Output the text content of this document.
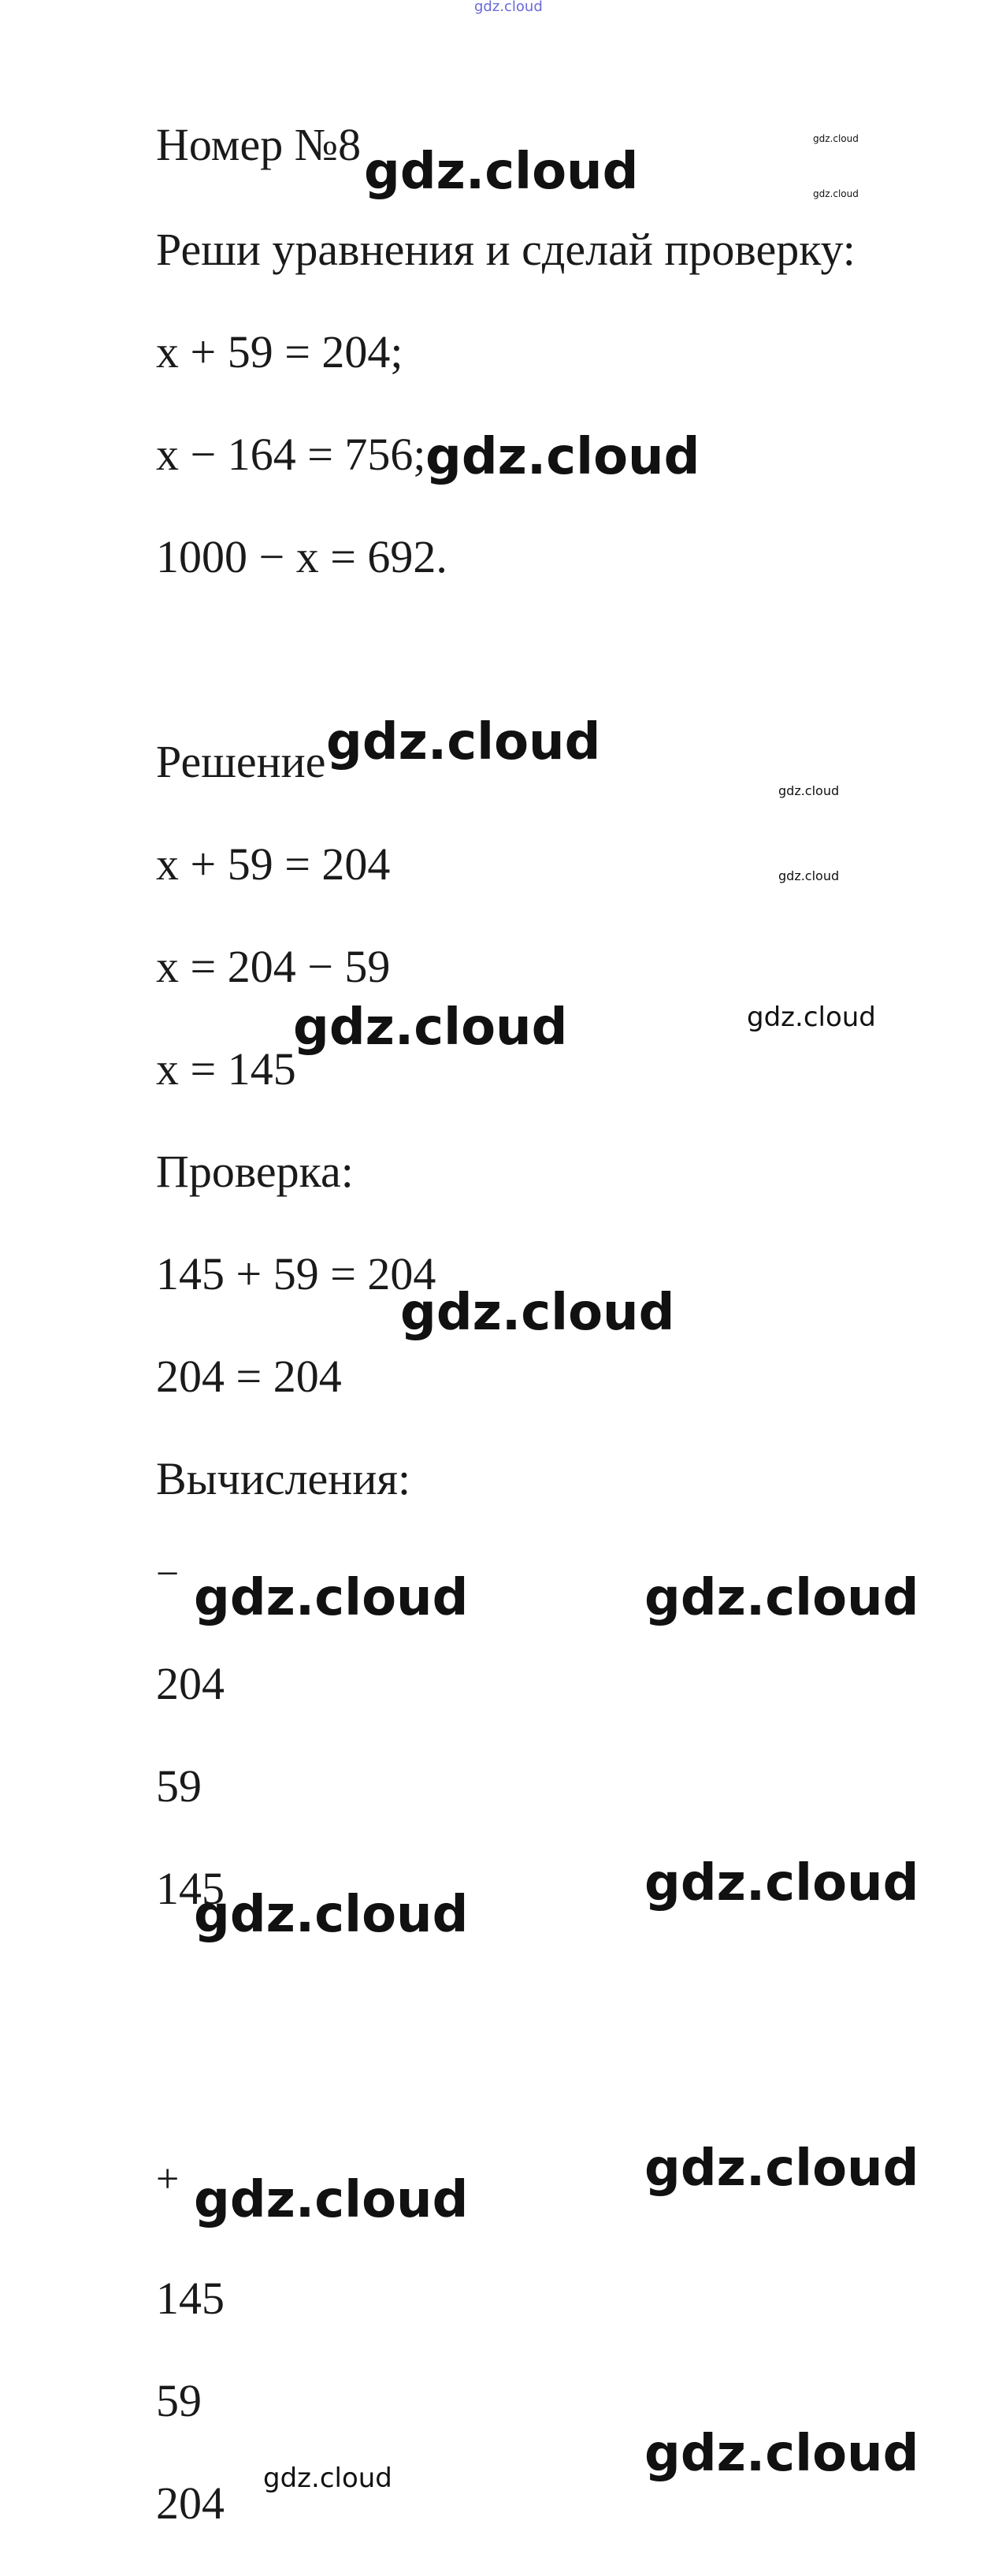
gdz.cloud
Номер №8
Реши уравнения и сделай проверку:
x + 59 = 204;
x − 164 = 756;
1000 − x = 692.
Решение
x + 59 = 204
x = 204 − 59
x = 145
Проверка:
145 + 59 = 204
204 = 204
Вычисления:
−
204
59
145
+
145
59
204
gdz.cloud
gdz.cloud
gdz.cloud
gdz.cloud
gdz.cloud
gdz.cloud
gdz.cloud
gdz.cloud
gdz.cloud
gdz.cloud
gdz.cloud	gdz.cloud
gdz.cloud
gdz.cloud
gdz.cloud
gdz.cloud
gdz.cloud
gdz.cloud
